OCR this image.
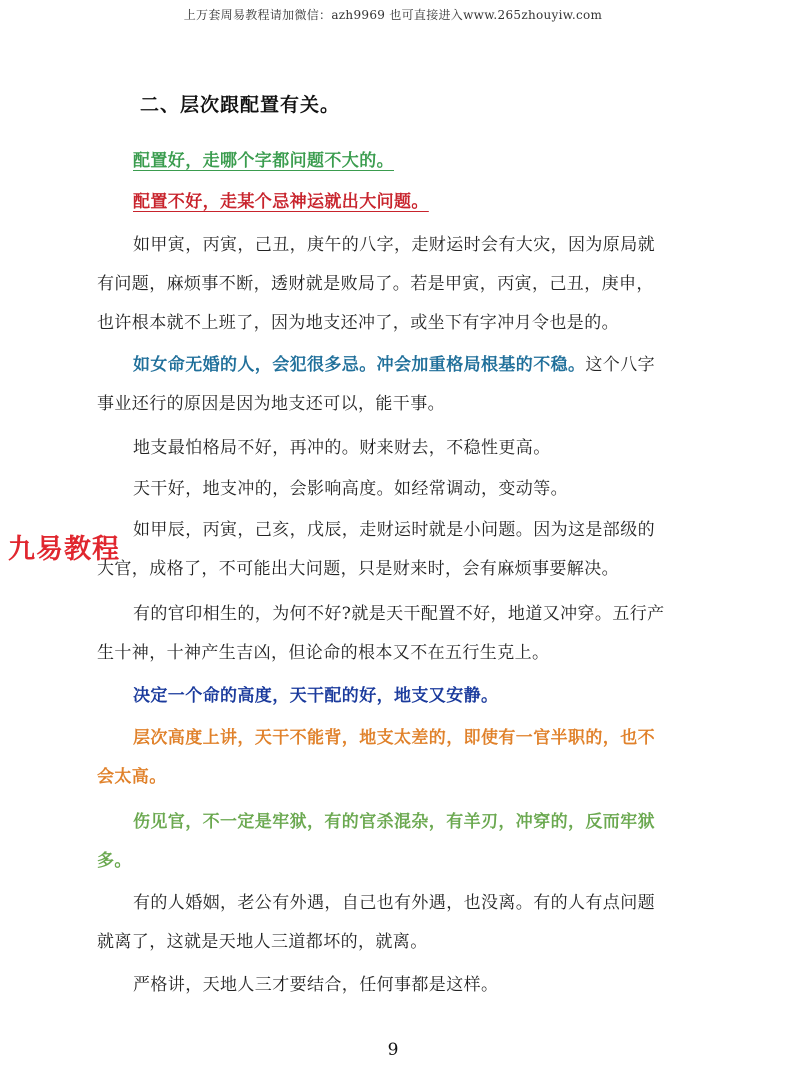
上万套周易教程请加微信：azh9969 也可直接进入www.265zhouyiw.com
二、层次跟配置有关。
配置好，走哪个字都问题不大的。
配置不好，走某个忌神运就出大问题。
如甲寅，丙寅，己丑，庚午的八字，走财运时会有大灾，因为原局就
有问题，麻烦事不断，透财就是败局了。若是甲寅，丙寅，己丑，庚申，
也许根本就不上班了，因为地支还冲了，或坐下有字冲月令也是的。
如女命无婚的人，会犯很多忌。冲会加重格局根基的不稳。这个八字
事业还行的原因是因为地支还可以，能干事。
地支最怕格局不好，再冲的。财来财去，不稳性更高。
天干好，地支冲的，会影响高度。如经常调动，变动等。
如甲辰，丙寅，己亥，戊辰，走财运时就是小问题。因为这是部级的
大官，成格了，不可能出大问题，只是财来时，会有麻烦事要解决。
有的官印相生的，为何不好?就是天干配置不好，地道又冲穿。五行产
生十神，十神产生吉凶，但论命的根本又不在五行生克上。
决定一个命的高度，天干配的好，地支又安静。
层次高度上讲，天干不能背，地支太差的，即使有一官半职的，也不
会太高。
伤见官，不一定是牢狱，有的官杀混杂，有羊刃，冲穿的，反而牢狱
多。
有的人婚姻，老公有外遇，自己也有外遇，也没离。有的人有点问题
就离了，这就是天地人三道都坏的，就离。
严格讲，天地人三才要结合，任何事都是这样。
九易教程
9
